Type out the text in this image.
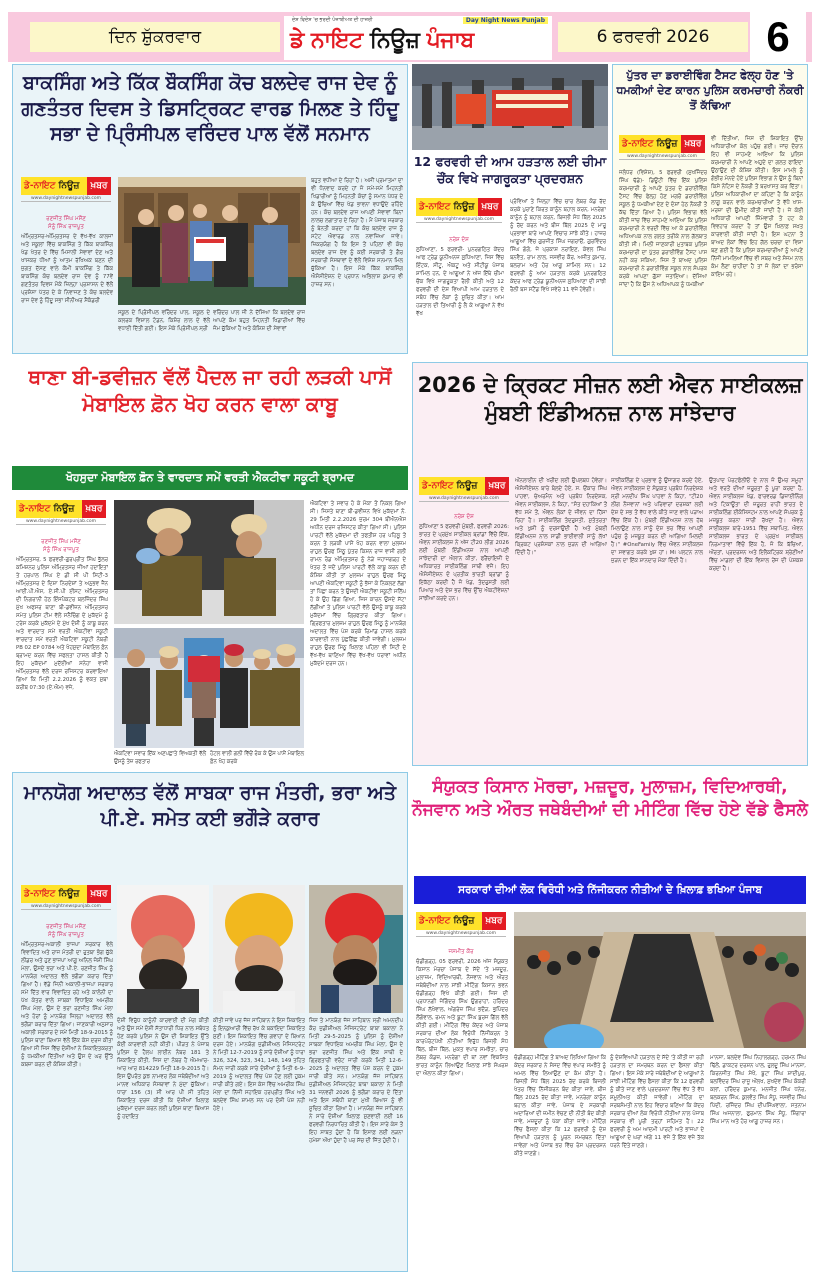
ਦਿਨ ਸ਼ੁੱਕਰਵਾਰ
ਦੇਸ਼ ਵਿਦੇਸ਼ 'ਚ ਭਰਦੀ ਪੰਜਾਬੀਅਤ ਦੀ ਹਾਜ਼ਰੀ	Day Night News Punjab
ਡੇ ਨਾਇਟ ਨਿਊਜ਼ ਪੰਜਾਬ	6 ਫਰਵਰੀ 2026	6
ਬਾਕਸਿੰਗ ਅਤੇ ਕਿੱਕ ਬੌਕਸਿੰਗ ਕੋਚ ਬਲਦੇਵ ਰਾਜ ਦੇਵ ਨੂੰ ਗਣਤੰਤਰ ਦਿਵਸ ਤੇ ਡਿਸਟ੍ਰਿਕਟ ਵਾਰਡ ਮਿਲਣ ਤੇ ਹਿੰਦੂ ਸਭਾ ਦੇ ਪ੍ਰਿੰਸੀਪਲ ਵਰਿੰਦਰ ਪਾਲ ਵੱਲੋਂ ਸਨਮਾਨ
ਡੇ-ਨਾਇਟ ਨਿਊਜ਼	ਖ਼ਬਰ
www.daynightnewspunjab.com
ਰਣਜੀਤ ਸਿੰਘ ਮਸੌਣ
ਸੋਨੂੰ ਸਿੰਘ ਰਾਜਪੂਤ
ਅੰਮ੍ਰਿਤਸਰ-ਅੰਮ੍ਰਿਤਸਰ ਦੇ ਵੱਖ-ਵੱਖ ਕਾਲਜਾਂ ਅਤੇ ਸਕੂਲਾਂ ਵਿੱਚ ਬਾਕਸਿੰਗ ਤੇ ਕਿੱਕ ਬਾਕਸਿੰਗ ਖੇਡ ਖੇਤਰ ਦੇ ਵਿੱਚ ਮਿਸਾਲੀ ਸੇਵਾਵਾਂ ਦੇਣ ਅਤੇ ਖਾਸਕਰ ਧੀਆਂ ਨੂੰ ਆਤਮ ਰੱਖਿਅਕ ਬਣਨ ਦੀ ਜੁਗਤ ਦੱਸਣ ਵਾਲੇ ਕੌਮੀ ਬਾਕਸਿੰਗ ਤੇ ਕਿੱਕ ਬਾਕਸਿੰਗ ਕੋਚ ਬਲਦੇਵ ਰਾਜ ਦੇਵ ਨੂੰ 77ਵੇਂ ਗਣਤੰਤਰ ਦਿਵਸ ਮੌਕੇ ਜ਼ਿਲ੍ਹਾ ਪ੍ਰਸ਼ਾਸਨ ਦੇ ਵੱਲੋਂ ਪ੍ਰਸ਼ੰਸਾ ਪੱਤਰ ਦੇ ਕੇ ਨਿਵਾਜਣ ਤੇ ਕੋਚ ਬਲਦੇਵ ਰਾਜ ਦੇਵ ਨੂੰ ਹਿੰਦੂ ਸਭਾ ਸੀਨੀਅਰ ਸੈਕੰਡਰੀ
ਸਕੂਲ ਦੇ ਪ੍ਰਿੰਸੀਪਲ ਵਰਿੰਦਰ ਪਾਲ, ਸਕੂਲ ਦੇ ਕਲਰਕ ਵਿਸ਼ਾਲ ਟੰਡਨ, ਕਿਸ਼ੋਰ ਲਾਲ ਦੇ ਵੱਲੋਂ ਵਧਾਈ ਦਿੱਤੀ ਗਈ। ਇਸ ਮੌਕੇ ਪ੍ਰਿੰਸੀਪਲ ਸ੍ਰੀ
ਵਰਿੰਦਰ ਪਾਲ ਜੀ ਨੇ ਦੱਸਿਆ ਕਿ ਬਲਦੇਵ ਰਾਜ ਆਪਣੇ ਕੰਮ ਬਹੁਤ ਮਿਹਨਤੀ ਖਿਡਾਰੀਆਂ ਵਿੱਚ ਜੰਮ ਚੁੱਕਿਆ ਹੈ ਅਤੇ ਕੋਸ਼ਿਸ਼ ਦੀ ਸੇਵਾਵਾਂ
ਬਹੁਤ ਵਧੀਆ ਦੇ ਰਿਹਾ ਹੈ। ਅਸੀਂ ਪ੍ਰਮਾਤਮਾ ਦਾ ਵੀ ਧੰਨਵਾਦ ਕਰਦੇ ਹਾਂ ਜੋ ਸਮੇਂ-ਸਮੇਂ ਮਿਹਨਤੀ ਖਿਡਾਰੀਆਂ ਨੂੰ ਮਿਹਨਤੀ ਕੋਚਾਂ ਨੂੰ ਸਮਾਨ ਪੱਧਰ ਦੇ ਕੇ ਉਚਿਆਂ ਵਿੱਚ ਖੇਡ ਭਾਵਨਾ ਵਧਾਉਂਦੇ ਰਹਿੰਦੇ ਹਨ। ਕੋਚ ਬਲਦੇਵ ਰਾਜ ਆਪਣੀ ਸੇਵਾਵਾਂ ਬਿਨਾਂ ਲਾਲਚ ਲਗਾਤਾਰ ਦੇ ਰਿਹਾ ਹੈ। ਮੈਂ ਪੰਜਾਬ ਸਰਕਾਰ ਨੂੰ ਬੇਨਤੀ ਕਰਦਾ ਹਾਂ ਕਿ ਕੋਚ ਬਲਦੇਵ ਰਾਜ ਨੂੰ ਸਟੇਟ ਐਵਾਰਡ ਨਾਲ ਨਵਾਜ਼ਿਆ ਜਾਵੇ। ਜ਼ਿਕਰਯੋਗ ਹੈ ਕਿ ਇਸ ਤੋਂ ਪਹਿਲਾਂ ਵੀ ਕੋਚ ਬਲਦੇਵ ਰਾਜ ਦੇਵ ਨੂੰ ਕਈ ਸਰਕਾਰੀ ਤੇ ਗੈਰ ਸਰਕਾਰੀ ਸੰਸਥਾਵਾਂ ਦੇ ਵੱਲੋਂ ਵਿਸ਼ੇਸ਼ ਸਨਮਾਨ ਮਿਲ ਚੁੱਕਿਆ ਹੈ। ਇਸ ਮੌਕੇ ਕਿੱਕ ਬਾਕਸਿੰਗ ਐਸੋਸੀਏਸ਼ਨ ਦੇ ਪ੍ਰਧਾਨ ਅਭਿਲਾਸ਼ ਕੁਮਾਰ ਵੀ ਹਾਜ਼ਰ ਸਨ।
12 ਫਰਵਰੀ ਦੀ ਆਮ ਹੜਤਾਲ ਲਈ ਚੀਮਾ ਚੌਂਕ ਵਿਖੇ ਜਾਗਰੂਕਤਾ ਪ੍ਰਦਰਸ਼ਨ
ਡੇ-ਨਾਇਟ ਨਿਊਜ਼ ਖ਼ਬਰ
www.daynightnewspunjab.com
ਨਰੇਸ਼ ਦੋਸ਼
ਲੁਧਿਆਣਾ, 5 ਫਰਵਰੀ- ਪੁਨਰਗਠਿਤ ਕੇਂਦਰ ਆਫ ਟ੍ਰੇਡ ਯੂਨੀਅਨਜ਼ ਲੁਧਿਆਣਾ, ਜਿਸ ਵਿੱਚ ਇੰਟਕ, ਸੀਟੂ, ਐਕਟੂ ਅਤੇ ਸੀਟੀਯੂ ਪੰਜਾਬ ਸ਼ਾਮਿਲ ਹਨ, ਦੇ ਆਗੂਆਂ ਨੇ ਅੱਜ ਇੱਥੇ ਚੀਮਾ ਚੌਂਕ ਵਿਖੇ ਜਾਗਰੂਕਤਾ ਰੈਲੀ ਕੀਤੀ ਅਤੇ 12 ਫਰਵਰੀ ਦੀ ਦੇਸ਼ ਵਿਆਪੀ ਆਮ ਹੜਤਾਲ ਦੇ ਸਬੰਧ ਵਿੱਚ ਲੋਕਾਂ ਨੂੰ ਸੂਚਿਤ ਕੀਤਾ। ਆਮ ਹੜਤਾਲ ਦੀ ਤਿਆਰੀ ਨੂੰ ਲੈ ਕੇ ਆਗੂਆਂ ਨੇ ਵੱਖ ਵੱਖ
ਪ੍ਰੋਵਿਆਂ ਤੇ ਜ਼ਿਲ੍ਹਾ ਵਿੱਚ ਚਾਰ ਲੇਬਰ ਕੋਡ ਰੱਦ ਕਰਕੇ ਪੁਰਾਣੇ ਕਿਰਤ ਕਾਨੂੰਨ ਬਹਾਲ ਕਰਨ, ਮਨਰੇਗਾ ਕਾਨੂੰਨ ਨੂੰ ਬਹਾਲ ਕਰਨ, ਬਿਜਲੀ ਸੋਧ ਬਿੱਲ 2025 ਨੂੰ ਰੱਦ ਕਰਨ ਅਤੇ ਬੀਜ ਬਿੱਲ 2025 ਦੇ ਮਾਰੂ ਪ੍ਰਭਾਵਾਂ ਬਾਰੇ ਆਪਣੇ ਵਿਚਾਰ ਸਾਂਝੇ ਕੀਤੇ। ਹਾਜ਼ਰ ਆਗੂਆਂ ਵਿੱਚ ਗੁਰਜੀਤ ਸਿੰਘ ਜਗਰਾਓਂ, ਗੁਰਵਿੰਦਰ ਸਿੰਘ ਗੋਗੋ, ਜੇ ਪ੍ਰਕਾਸ਼ ਨਰਾਇਣ, ਕੇਵਲ ਸਿੰਘ ਬਨਵੈਤ, ਰਾਮ ਲਾਲ, ਜਸਵੀਰ ਕੌਰ, ਅਜੀਤ ਕੁਮਾਰ, ਬਲਰਾਮ ਅਤੇ ਹੋਰ ਆਗੂ ਸ਼ਾਮਿਲ ਸਨ। 12 ਫਰਵਰੀ ਨੂੰ ਆਮ ਹੜਤਾਲ ਕਰਕੇ ਪੁਨਰਗਠਿਤ ਕੇਂਦਰ ਆਫ ਟ੍ਰੇਡ ਯੂਨੀਅਨਜ਼ ਲੁਧਿਆਣਾ ਦੀ ਸਾਂਝੀ ਰੈਲੀ ਬਸ ਸਟੈਂਡ ਵਿਖੇ ਸਵੇਰੇ 11 ਵਜੇ ਹੋਵੇਗੀ।
ਪੁੱਤਰ ਦਾ ਡਰਾਈਵਿੰਗ ਟੈਸਟ ਫੇਲ੍ਹ ਹੋਣ 'ਤੇ ਧਮਕੀਆਂ ਦੇਣ ਕਾਰਨ ਪੁਲਿਸ ਕਰਮਚਾਰੀ ਨੌਕਰੀ ਤੋਂ ਕੱਢਿਆ
ਡੇ-ਨਾਇਟ ਨਿਊਜ਼ ਖ਼ਬਰ
www.daynightnewspunjab.com
ਜਲੰਧਰ (ਵਿਸ਼ੇਸ਼), 5 ਫਰਵਰੀ (ਸੁਖਜਿੰਦਰ ਸਿੰਘ ਢੱਡੇ)- ਡਿਊਟੀ ਵਿੱਚ ਇੱਕ ਪੁਲਿਸ ਕਰਮਚਾਰੀ ਨੂੰ ਆਪਣੇ ਪੁੱਤਰ ਦੇ ਡਰਾਈਵਿੰਗ ਟੈਸਟ ਵਿੱਚ ਫੇਲ੍ਹ ਹੋਣ ਮਗਰੋਂ ਡਰਾਈਵਿੰਗ ਸਕੂਲ ਨੂੰ ਧਮਕੀਆਂ ਦੇਣ ਦੇ ਦੋਸ਼ਾਂ ਹੇਠ ਨੌਕਰੀ ਤੋਂ ਕੱਢ ਦਿੱਤਾ ਗਿਆ ਹੈ। ਪੁਲਿਸ ਵਿਭਾਗ ਵੱਲੋਂ ਕੀਤੀ ਜਾਂਚ ਵਿੱਚ ਸਾਹਮਣੇ ਆਇਆ ਕਿ ਪੁਲਿਸ ਕਰਮਚਾਰੀ ਨੇ ਵਰਦੀ ਵਿੱਚ ਆ ਕੇ ਡਰਾਈਵਿੰਗ ਅਧਿਆਪਕ ਨਾਲ ਗਲਤ ਤਰੀਕੇ ਨਾਲ ਗੱਲਬਾਤ ਕੀਤੀ ਸੀ। ਮਿਲੀ ਜਾਣਕਾਰੀ ਮੁਤਾਬਕ ਪੁਲਿਸ ਕਰਮਚਾਰੀ ਦਾ ਪੁੱਤਰ ਡਰਾਈਵਿੰਗ ਟੈਸਟ ਪਾਸ ਨਹੀਂ ਕਰ ਸਕਿਆ, ਜਿਸ ਤੋਂ ਬਾਅਦ ਪੁਲਿਸ ਕਰਮਚਾਰੀ ਨੇ ਡਰਾਈਵਿੰਗ ਸਕੂਲ ਨਾਲ ਸੰਪਰਕ ਕਰਕੇ ਆਪਣਾ ਗੁੱਸਾ ਜਤਾਇਆ। ਦੱਸਿਆ ਜਾਂਦਾ ਹੈ ਕਿ ਉਸ ਨੇ ਅਧਿਆਪਕ ਨੂੰ ਧਮਕੀਆਂ
ਵੀ ਦਿੱਤੀਆਂ, ਜਿਸ ਦੀ ਸ਼ਿਕਾਇਤ ਉੱਚ ਅਧਿਕਾਰੀਆਂ ਕੋਲ ਪਹੁੰਚ ਗਈ। ਜਾਂਚ ਦੌਰਾਨ ਇਹ ਵੀ ਸਾਹਮਣੇ ਆਇਆ ਕਿ ਪੁਲਿਸ ਕਰਮਚਾਰੀ ਨੇ ਆਪਣੇ ਅਹੁਦੇ ਦਾ ਗਲਤ ਫਾਇਦਾ ਉਠਾਉਣ ਦੀ ਕੋਸ਼ਿਸ਼ ਕੀਤੀ। ਇਸ ਮਾਮਲੇ ਨੂੰ ਗੰਭੀਰ ਮੰਨਦੇ ਹੋਏ ਪੁਲਿਸ ਵਿਭਾਗ ਨੇ ਉਸ ਨੂੰ ਬਿਨਾਂ ਕਿਸੇ ਨੋਟਿਸ ਦੇ ਨੌਕਰੀ ਤੋਂ ਬਰਖਾਸਤ ਕਰ ਦਿੱਤਾ। ਪੁਲਿਸ ਅਧਿਕਾਰੀਆਂ ਦਾ ਕਹਿਣਾ ਹੈ ਕਿ ਕਾਨੂੰਨ ਲਾਗੂ ਕਰਨ ਵਾਲੇ ਕਰਮਚਾਰੀਆਂ ਤੋਂ ਵੱਧੋ ਖਾਸ-ਮਰਜ਼ਾ ਦੀ ਉਮੀਦ ਕੀਤੀ ਜਾਂਦੀ ਹੈ। ਜੇ ਕੋਈ ਅਧਿਕਾਰੀ ਆਪਣੀ ਜ਼ਿੰਮੇਵਾਰੀ ਤੋਂ ਹਟ ਕੇ ਵਿਵਹਾਰ ਕਰਦਾ ਹੈ ਤਾਂ ਉਸ ਖ਼ਿਲਾਫ਼ ਸਖ਼ਤ ਕਾਰਵਾਈ ਕੀਤੀ ਜਾਂਦੀ ਹੈ। ਇਸ ਘਟਨਾ ਤੋਂ ਬਾਅਦ ਲੋਕਾਂ ਵਿੱਚ ਇਹ ਗੱਲ ਚਰਚਾ ਦਾ ਵਿਸ਼ਾ ਬਣ ਗਈ ਹੈ ਕਿ ਪੁਲਿਸ ਕਰਮਚਾਰੀਆਂ ਨੂੰ ਆਪਣੇ ਨਿੱਜੀ ਮਾਮਲਿਆਂ ਵਿੱਚ ਵੀ ਸਬਰ ਅਤੇ ਸੰਜਮ ਨਾਲ ਕੰਮ ਲੈਣਾ ਚਾਹੀਦਾ ਹੈ ਤਾਂ ਜੋ ਲੋਕਾਂ ਦਾ ਭਰੋਸਾ ਕਾਇਮ ਰਹੇ।
ਥਾਣਾ ਬੀ-ਡਵੀਜ਼ਨ ਵੱਲੋਂ ਪੈਦਲ ਜਾ ਰਹੀ ਲੜਕੀ ਪਾਸੋਂ ਮੋਬਾਇਲ ਫ਼ੋਨ ਖੋਹ ਕਰਨ ਵਾਲਾ ਕਾਬੂ
ਖੋਹਸੁਦਾ ਮੋਬਾਇਲ ਫ਼ੋਨ ਤੇ ਵਾਰਦਾਤ ਸਮੇਂ ਵਰਤੀ ਐਕਟੀਵਾ ਸਕੂਟੀ ਬ੍ਰਾਮਦ
ਡੇ-ਨਾਇਟ ਨਿਊਜ਼	ਖ਼ਬਰ
www.daynightnewspunjab.com
ਰਣਜੀਤ ਸਿੰਘ ਮਸੌਣ
ਸੋਨੂੰ ਸਿੰਘ ਰਾਜਪੂਤ
ਅੰਮ੍ਰਿਤਸਰ, 5 ਫਰਵਰੀ-ਗੁਰਪ੍ਰੀਤ ਸਿੰਘ ਭੁੱਲਰ ਕਮਿਸ਼ਨਰ ਪੁਲਿਸ ਅੰਮ੍ਰਿਤਸਰ ਜੀਆਂ ਹਦਾਇਤਾਂ ਤੇ ਹਰਪਾਲ ਸਿੰਘ ਏ ਡੀ ਸੀ ਪੀ ਸਿਟੀ-3 ਅੰਮ੍ਰਿਤਸਰ ਦੇ ਦਿਸ਼ਾ ਨਿਰਦੇਸ਼ਾਂ ਤੇ ਅਨੁਭਵ ਜੈਨ ਆਈ.ਪੀ.ਐਸ, ਏ.ਸੀ.ਪੀ ਈਸਟ ਅੰਮ੍ਰਿਤਸਰ ਦੀ ਨਿਗਰਾਨੀ ਹੇਠ ਇੰਸਪੈਕਟਰ ਬਲਜਿੰਦਰ ਸਿੰਘ ਮੁੱਖ ਅਫਸਰ ਥਾਣਾ ਬੀ-ਡਵੀਜ਼ਨ ਅੰਮ੍ਰਿਤਸਰ ਸਮੇਤ ਪੁਲਿਸ ਟੀਮ ਵੱਲੋਂ ਸਨੈਚਿੰਗ ਦੇ ਮੁਕੱਦਮੇ ਨੂੰ ਟਰੇਸ ਕਰਕੇ ਮੁਕੱਦਮੇ ਦੇ ਮੁੱਖ ਦੋਸ਼ੀ ਨੂੰ ਕਾਬੂ ਕਰਨ ਅਤੇ ਵਾਰਦਾਤ ਸਮੇਂ ਵਰਤੀ ਐਕਟੀਵਾ ਸਕੂਟੀ ਵਾਰਦਾਤ ਸਮੇਂ ਵਰਤੀ ਐਕਟਿਵਾ ਸਕੂਟੀ ਨੰਬਰੀ PB 02 EP 0784 ਅਤੇ ਖੋਹਸੁਦਾ ਮੋਬਾਇਲ ਫ਼ੋਨ ਬ੍ਰਾਮਦ ਕਰਨ ਵਿੱਚ ਸਫਲਤਾ ਹਾਸਲ ਕੀਤੀ ਹੈ ਇਹ ਮੁਕੱਦਮਾਂ ਮੁਦੱਈਆਂ ਸਨੇਹਾ ਵਾਸੀ ਅੰਮ੍ਰਿਤਸਰ ਵੱਲੋਂ ਦਰਜ ਰਜਿਸਟਰ ਕਰਵਾਇਆ ਗਿਆ ਕਿ ਮਿਤੀ 2.2.2026 ਨੂੰ ਵਕਤ ਸੁਬਾ ਕਰੀਬ 07:30 (ਏ.ਐਮ) ਵਜੇ,
ਐਕਟਿਵਾ ਸਵਾਰ ਇੱਕ ਅਣਪਛਾਤੇ ਵਿਅਕਤੀ ਵੱਲੋਂ ਉਸਨੂੰ ਤੇਜ਼ ਰਫਤਾਰ
ਹੋਟਲ ਵਾਲੀ ਗਲੀ ਵਿੱਚੋਂ ਰੋਕ ਕੇ ਉਸ ਪਾਸੋਂ ਮੋਬਾਇਲ ਫ਼ੋਨ ਖੋਹ ਕਰਕੇ
ਐਕਟਿਵਾ ਤੇ ਸਵਾਰ ਹੋ ਕੇ ਮੌਕਾ ਤੋਂ ਨਿਕਲ ਗਿਆ ਸੀ। ਜਿਸਤੇ ਥਾਣਾ ਬੀ-ਡਵੀਜ਼ਨ ਵਿਖੇ ਮੁਕੱਦਮਾਂ ਨੰ. 29 ਮਿਤੀ 2.2.2026 ਜੁਰਮ 304 ਬੀਐਨਐਸ ਅਧੀਨ ਦਰਜ ਰਜਿਸਟਰ ਕੀਤਾ ਗਿਆ ਸੀ। ਪੁਲਿਸ ਪਾਰਟੀ ਵੱਲੋਂ ਮੁਕੱਦਮਾ ਦੀ ਤਫਤੀਸ਼ ਹਰ ਪਹਿਲੂ ਤੋਂ ਕਰਨ ਤੇ ਲੜਕੀ ਪਾਸੋਂ ਖੋਹ ਕਰਨ ਵਾਲਾ ਮੁਲਜ਼ਮ ਰਾਹੁਲ ਉਰਫ ਮਿੱਠੂ ਪੁੱਤਰ ਕਿਸ਼ਨ ਰਾਜ ਵਾਸੀ ਗਲੀ ਰਾਮਨ ਰੋਡ ਅੰਮ੍ਰਿਤਸਰ ਨੂੰ ਨੇੜੇ ਜਹਾਜਗੜ੍ਹ ਦੇ ਖੇਤਰ ਤੋਂ ਜਦੋਂ ਪੁਲਿਸ ਪਾਰਟੀ ਵੱਲੋਂ ਕਾਬੂ ਕਰਨ ਦੀ ਕੋਸ਼ਿਸ਼ ਕੀਤੀ ਤਾਂ ਮੁਲਜ਼ਮ ਰਾਹੁਲ ਉਰਫ ਮਿੱਠੂ ਆਪਣੀ ਐਕਟਿਵਾ ਸਕੂਟੀ ਨੂੰ ਭੱਜਾ ਕੇ ਨਿਕਲਣ ਲੱਗਾ ਤਾਂ ਪਿੱਛਾ ਕਰਨ ਤੇ ਉਸਦੀ ਐਕਟੀਵਾ ਸਕੂਟੀ ਸਲਿੱਪ ਹੋ ਕੇ ਉਹ ਡਿੱਗ ਗਿਆ, ਜਿਸ ਕਾਰਨ ਉਸਦੇ ਸੱਟਾ ਲੱਗੀਆਂ ਤੇ ਪੁਲਿਸ ਪਾਰਟੀ ਵੱਲੋਂ ਉਸਨੂੰ ਕਾਬੂ ਕਰਕੇ ਮੁਕੱਦਮਾਂ ਵਿੱਚ ਗ੍ਰਿਫਤਾਰ ਕੀਤਾ ਗਿਆ। ਗ੍ਰਿਫਤਾਰ ਮੁਲਜ਼ਮ ਰਾਹੁਲ ਉਰਫ ਮਿੱਠੂ ਨੂੰ ਮਾਨਯੋਗ ਅਦਾਲਤ ਵਿੱਚ ਪੇਸ਼ ਕਰਕੇ ਰਿਮਾਂਡ ਹਾਸਲ ਕਰਕੇ ਕਾਰਵਾਈ ਨਾਲ ਪੁੱਛਗਿੱਛ ਕੀਤੀ ਜਾਵੇਗੀ। ਮੁਲਜ਼ਮ ਰਾਹੁਲ ਉਰਫ ਮਿੱਠੂ ਖ਼ਿਲਾਫ਼ ਪਹਿਲਾ ਵੀ ਸਿਟੀ ਦੇ ਵੱਖ-ਵੱਖ ਥਾਣਿਆ ਵਿੱਚ ਵੱਖ-ਵੱਖ ਧਰਾਵਾਂ ਅਧੀਨ ਮੁਕੱਦਮੇ ਦਰਜ ਹਨ।
2026 ਦੇ ਕ੍ਰਿਕਟ ਸੀਜ਼ਨ ਲਈ ਐਵਨ ਸਾਈਕਲਜ਼ ਮੁੰਬਈ ਇੰਡੀਅਨਜ਼ ਨਾਲ ਸਾਂਝੇਦਾਰ
ਡੇ-ਨਾਇਟ ਨਿਊਜ਼	ਖ਼ਬਰ
www.daynightnewspunjab.com
ਨਰੇਸ਼ ਦੋਸ਼
ਲੁਧਿਆਣਾ 5 ਫਰਵਰੀ ਮੁੰਬਈ, ਫਰਵਰੀ 2026: ਭਾਰਤ ਦੇ ਪ੍ਰਮੁੱਖ ਸਾਈਕਲ ਬ੍ਰਾਂਡਾਂ ਵਿੱਚੋਂ ਇੱਕ, ਐਵਨ ਸਾਈਕਲਜ਼ ਨੇ ਅੱਜ ਟੀ20 ਲੀਗ 2026 ਲਈ ਮੁੰਬਈ ਇੰਡੀਅਨਜ਼ ਨਾਲ ਆਪਣੀ ਸਾਂਝੇਦਾਰੀ ਦਾ ਐਲਾਨ ਕੀਤਾ, ਫਰੈਂਚਾਇਜ਼ੀ ਦੇ ਅਧਿਕਾਰਤ ਸਾਈਕਲਿੰਗ ਸਾਥੀ ਵਜੋਂ। ਇਹ ਐਸੋਸੀਏਸ਼ਨ ਦੋ ਪ੍ਰਤੀਕ ਭਾਰਤੀ ਬ੍ਰਾਂਡਾਂ ਨੂੰ ਇਕੱਠਾ ਕਰਦੀ ਹੈ ਜੋ ਖੇਡ, ਤੰਦਰੁਸਤੀ ਲਈ ਪਿਆਰ ਅਤੇ ਦੇਸ਼ ਭਰ ਵਿੱਚ ਉੱਚ ਐਕਟੀਵੇਸ਼ਨਾਂ ਸਾਂਝੀਆਂ ਕਰਦੇ ਹਨ।
ਔਨਲਾਈਨ ਦੀ ਖਰੀਦ ਲਈ ਉਪਲਬਧ ਹੋਵੇਗਾ। ਐਸੋਸੀਏਸ਼ਨ ਬਾਰੇ ਬੋਲਦੇ ਹੋਏ, ਸ. ਓਂਕਾਰ ਸਿੰਘ ਪਾਹਵਾ, ਚੇਅਰਮੈਨ ਅਤੇ ਪ੍ਰਬੰਧ ਨਿਰਦੇਸ਼ਕ, ਐਵਨ ਸਾਈਕਲਜ਼, ਨੇ ਕਿਹਾ, "ਸੰਤ ਦਹਾਕਿਆਂ ਤੋਂ ਵੱਧ ਸਮੇਂ ਤੋਂ, ਐਵਨ ਲੋਕਾਂ ਦੇ ਜੀਵਨ ਦਾ ਹਿੱਸਾ ਰਿਹਾ ਹੈ। ਸਾਈਕਲਿੰਗ ਤੰਦਰੁਸਤੀ, ਸੁਤੰਤਰਤਾ ਅਤੇ ਖੁਸ਼ੀ ਨੂੰ ਦਰਸਾਉਂਦੀ ਹੈ ਅਤੇ ਮੁੰਬਈ ਇੰਡੀਅਨਜ਼ ਨਾਲ ਸਾਡੀ ਭਾਈਵਾਲੀ ਸਾਨੂੰ ਲੱਖਾਂ ਕ੍ਰਿਕਟ ਪ੍ਰਸ਼ੰਸਕਾਂ ਨਾਲ ਜੁੜਨ ਦੀ ਆਗਿਆ ਦਿੰਦੀ ਹੈ।"
ਸਾਈਕਲਿੰਗ ਦੇ ਪ੍ਰਭਾਵ ਨੂੰ ਉਜਾਗਰ ਕਰਦੇ ਹੋਏ, ਐਵਨ ਸਾਈਕਲਜ਼ ਦੇ ਸੰਯੁਕਤ ਪ੍ਰਬੰਧ ਨਿਰਦੇਸ਼ਕ ਸ੍ਰੀ ਮਨਦੀਪ ਸਿੰਘ ਪਾਹਵਾ ਨੇ ਕਿਹਾ, "ਟੀ20 ਲੀਗ ਨੌਜਵਾਨਾਂ ਅਤੇ ਪਰਿਵਾਰਾਂ ਦਰਸ਼ਕਾਂ ਲਈ ਦੇਸ਼ ਦੇ ਸਭ ਤੋਂ ਵੱਧ ਵਾਲੇ ਕੀਤੇ ਜਾਣ ਵਾਲੇ ਪੜਾਅ ਵਿੱਚ ਇੱਕ ਹੈ। ਮੁੰਬਈ ਇੰਡੀਅਨਜ਼ ਨਾਲ ਹੱਥ ਮਿਲਾਉਣ ਨਾਲ ਸਾਨੂੰ ਦੇਸ਼ ਭਰ ਵਿੱਚ ਆਪਣੀ ਪਹੁੰਚ ਨੂੰ ਮਜ਼ਬੂਤ ਕਰਨ ਦੀ ਆਗਿਆ ਮਿਲਦੀ ਹੈ।" #OneFamily ਵਿੱਚ ਐਵਨ ਸਾਈਕਲਜ਼ ਦਾ ਸਵਾਗਤ ਕਰਕੇ ਖੁਸ਼ ਹਾਂ। Mi ਪਲਟਨ ਨਾਲ ਜੁੜਨ ਦਾ ਇੱਕ ਸ਼ਾਨਦਾਰ ਮੌਕਾ ਦਿੰਦੀ ਹੈ।
ਉਤਪਾਦ ਪੋਰਟਫੋਲੀਓ ਦੇ ਨਾਲ ਜੋ ਉਮਰ ਸਮੂਹਾਂ ਅਤੇ ਵਰਤੋਂ ਦੀਆਂ ਜ਼ਰੂਰਤਾਂ ਨੂੰ ਪੂਰਾ ਕਰਦਾ ਹੈ, ਐਵਨ ਸਾਈਕਲਜ਼ ਖੇਡ, ਫਾਰਵਰਡ ਡਿਜ਼ਾਈਨਿੰਗ ਅਤੇ ਟਿਕਾਊਤਾ ਦੀ ਜ਼ਰੂਰਤ ਰਾਹੀਂ ਭਾਰਤ ਦੇ ਸਾਈਕਲਿੰਗ ਈਕੋਸਿਸਟਮ ਨਾਲ ਆਪਣੇ ਸੰਪਰਕ ਨੂੰ ਮਜ਼ਬੂਤ ਕਰਨਾ ਜਾਰੀ ਰੱਖਦਾ ਹੈ। ਐਵਨ ਸਾਈਕਲਜ਼ ਬਾਰੇ-1951 ਵਿੱਚ ਸਥਾਪਿਤ, ਐਵਨ ਸਾਈਕਲਜ਼ ਭਾਰਤ ਦੇ ਪ੍ਰਮੁੱਖ ਸਾਈਕਲ ਨਿਰਮਾਤਾਵਾਂ ਵਿੱਚੋਂ ਇੱਕ ਹੈ, ਜੋ ਕਿ ਬੱਚਿਆਂ, ਔਰਤਾਂ, ਪ੍ਰਦਰਸ਼ਨ ਅਤੇ ਇਲੈਕਟ੍ਰਿਕ ਸ਼੍ਰੇਣੀਆਂ ਵਿੱਚ ਮਾਡਲਾਂ ਦੀ ਇੱਕ ਵਿਸ਼ਾਲ ਰੇਂਜ ਦੀ ਪੇਸ਼ਕਸ਼ ਕਰਦਾ ਹੈ।
ਮਾਨਯੋਗ ਅਦਾਲਤ ਵੱਲੋਂ ਸਾਬਕਾ ਰਾਜ ਮੰਤਰੀ, ਭਰਾ ਅਤੇ ਪੀ.ਏ. ਸਮੇਤ ਕਈ ਭਗੌੜੇ ਕਰਾਰ
ਡੇ-ਨਾਇਟ ਨਿਊਜ਼	ਖ਼ਬਰ
www.daynightnewspunjab.com
ਰਣਜੀਤ ਸਿੰਘ ਮਸੌਣ
ਸੋਨੂੰ ਸਿੰਘ ਰਾਜਪੂਤ
ਅੰਮ੍ਰਿਤਸਰ-ਅਕਾਲੀ ਭਾਜਪਾ ਸਰਕਾਰ ਵੇਲੇ ਵਿਵਾਦਿਤ ਅਤੇ ਰਾਜ ਮੰਤਰੀ ਦਾ ਰੁਤਬਾ ਭੋਗ ਚੁੱਕੇ ਲੀਡਰ ਅਤੇ ਹੁਣ ਭਾਜਪਾ ਆਗੂ ਅਨਿਲ ਜੋਸ਼ੀ ਸਿੰਘ ਮੇਲਾ, ਉਸਦੇ ਭਰਾ ਅਤੇ ਪੀ.ਏ. ਰਣਜੀਤ ਸਿੰਘ ਨੂੰ ਮਾਨਯੋਗ ਅਦਾਲਤ ਵੱਲੋਂ ਭਗੌੜਾ ਕਰਾਰ ਦਿੱਤਾ ਗਿਆ ਹੈ। ਵੱਡੇ ਜਿਨੀ ਅਕਾਲੀ-ਭਾਜਪਾ ਸਰਕਾਰ ਸਮੇਂ ਦਿੱਤ ਵਾਰ ਵਿਵਾਦਿਤ ਰਹੇ ਅਤੇ ਕਾਲੋਨੀ ਦਾ ਪੱਖ ਕੇਤਰ ਵਾਲੇ ਸਾਬਕਾ ਵਿਧਾਇਕ ਅਮਰੀਕ ਸਿੰਘ ਮੇਲਾ, ਉਸ ਦੇ ਭਰਾ ਰਣਜੀਤ ਸਿੰਘ ਮੇਲਾ ਅਤੇ ਹੋਰਾਂ ਨੂੰ ਮਾਨਯੋਗ ਜਿਲ੍ਹਾ ਅਦਾਲਤ ਵੱਲੋਂ ਭਗੌੜਾ ਕਰਾਰ ਦਿੱਤਾ ਗਿਆ। ਜਾਣਕਾਰੀ ਅਨੁਸਾਰ ਅਕਾਲੀ ਸਰਕਾਰ ਦੇ ਸਮੇਂ ਮਿਤੀ 18-9-2015 ਨੂੰ ਪੁਲਿਸ ਥਾਣਾ ਬਿਆਸ ਵੱਲੋਂ ਇੱਕ ਕੇਸ ਦਰਜ ਕੀਤਾ ਗਿਆ ਸੀ ਜਿਸ ਵਿੱਚ ਦੋਸ਼ੀਆਂ ਨੇ ਸ਼ਿਕਾਇਤਕਰਤਾ ਨੂੰ ਧਮਕੀਆਂ ਦਿੱਤੀਆਂ ਅਤੇ ਉਸ ਦੇ ਘਰ ਉੱਤੇ ਕਬਜ਼ਾ ਕਰਨ ਦੀ ਕੋਸ਼ਿਸ਼ ਕੀਤੀ।
ਦੋਸ਼ੀ ਵਿਰੁੱਧ ਕਾਨੂੰਨੀ ਕਾਰਵਾਈ ਦੀ ਮੰਗ ਕੀਤੀ ਅਤੇ ਉਸ ਸਮੇਂ ਦੋਸ਼ੀ ਸੱਤਾਧਾਰੀ ਧਿਰ ਨਾਲ ਸਬੰਧਤ ਹੋਣ ਕਰਕੇ ਪੁਲਿਸ ਨੇ ਉਸ ਦੀ ਸ਼ਿਕਾਇਤ ਉੱਤੇ ਕੋਈ ਕਾਰਵਾਈ ਨਹੀਂ ਕੀਤੀ। ਪੀੜਤ ਨੇ ਪੰਜਾਬ ਪੁਲਿਸ ਦੇ ਹੈਲਪ ਲਾਈਨ ਨੰਬਰ 181 ਤੇ ਸ਼ਿਕਾਇਤ ਕੀਤੀ, ਜਿਸ ਦਾ ਨੰਬਰ ਹੈ ਐਮਆਰ-ਆਰ ਆਰ 814229 ਮਿਤੀ 18-9-2015 ਹੈ। ਇਸ ਉਪਰੰਤ ਕੁਝ ਨਾਮਵਰ ਲੋਕ ਜਥੇਬੰਦੀਆਂ ਅਤੇ ਮਾਨਵ ਅਧਿਕਾਰ ਸੰਸਥਾਵਾਂ ਨੇ ਮੁੱਦਾ ਚੁੱਕਿਆ। ਧਾਰਾ 156 (3) ਸੀ ਆਰ ਪੀ ਸੀ ਤਹਿਤ ਸ਼ਿਕਾਇਤ ਦਰਜ ਕੀਤੀ ਕਿ ਦੋਸ਼ੀਆਂ ਖ਼ਿਲਾਫ਼ ਮੁਕੱਦਮਾ ਦਰਜ ਕਰਨ ਲਈ ਪੁਲਿਸ ਥਾਣਾ ਬਿਆਸ ਨੂੰ ਹਦਾਇਤ
ਕੀਤੀ ਜਾਵੇ ਪਰ ਜੱਜ ਸਾਹਿਬਾਨ ਨੇ ਇਸ ਸ਼ਿਕਾਇਤ ਨੂੰ ਇਨਕੁਆਰੀ ਵਿੱਚ ਰੱਖ ਕੇ ਬਕਾਇਦਾ ਸ਼ਿਕਾਇਤ ਸੁਣੀ। ਇਸ ਸ਼ਿਕਾਇਤ ਵਿੱਚ ਗਵਾਹਾਂ ਦੇ ਬਿਆਨ ਦਰਜ ਹੋਏ। ਮਾਨਯੋਗ ਜੁਡੀਸ਼ੀਅਲ ਮੈਜਿਸਟਰੇਟ ਨੇ ਮਿਤੀ 12-7-2019 ਨੂੰ ਸਾਰੇ ਦੋਸ਼ੀਆਂ ਨੂੰ ਧਾਰਾ 326, 324, 323, 341, 148, 149 ਤਹਿਤ ਸੰਮਨ ਜਾਰੀ ਕਰਕੇ ਸਾਰੇ ਦੋਸ਼ੀਆਂ ਨੂੰ ਮਿਤੀ 6-9-2019 ਨੂੰ ਅਦਾਲਤ ਵਿੱਚ ਪੇਸ਼ ਹੋਣ ਲਈ ਹੁਕਮ ਜਾਰੀ ਕੀਤੇ ਗਏ। ਇਸ ਕੇਸ ਵਿੱਚ ਅਮਰੀਕ ਸਿੰਘ ਮੇਲਾ ਦਾ ਨਿੱਜੀ ਸਹਾਇਕ ਹਰਪ੍ਰੀਤ ਸਿੰਘ ਅਤੇ ਬਲਦੇਵ ਸਿੰਘ ਸ਼ਾਮਲ ਸਨ ਪਰ ਦੋਸ਼ੀ ਪੇਸ਼ ਨਹੀਂ ਹੋਏ।
ਜਿਸ ਤੇ ਮਾਨਯੋਗ ਜੱਜ ਸਾਹਿਬਾਨ ਸ੍ਰੀ ਅਮਨਦੀਪ ਕੌਰ ਜੁਡੀਸ਼ੀਅਲ ਮੈਜਿਸਟਰੇਟ ਬਾਬਾ ਬਕਾਲਾ ਨੇ ਮਿਤੀ 29-5-2025 ਨੂੰ ਪੁਲਿਸ ਨੂੰ ਦੋਸ਼ੀਆਂ ਸਾਬਕਾ ਵਿਧਾਇਕ ਅਮਰੀਕ ਸਿੰਘ ਮੇਲਾ, ਉਸ ਦੇ ਭਰਾ ਰਣਜੀਤ ਸਿੰਘ ਅਤੇ ਇੱਕ ਸਾਥੀ ਦੇ ਗ੍ਰਿਫਤਾਰੀ ਵਰੰਟ ਜਾਰੀ ਕਰਕੇ ਮਿਤੀ 12-6-2025 ਨੂੰ ਅਦਾਲਤ ਵਿੱਚ ਪੇਸ਼ ਕਰਨ ਦੇ ਹੁਕਮ ਜਾਰੀ ਕੀਤੇ ਸਨ। ਮਾਨਯੋਗ ਜੱਜ ਸਾਹਿਬਾਨ ਜੁਡੀਸ਼ੀਅਲ ਮੈਜਿਸਟਰੇਟ ਬਾਬਾ ਬਕਾਲਾ ਨੇ ਮਿਤੀ 31 ਜਨਵਰੀ 2026 ਨੂੰ ਭਗੌੜਾ ਕਰਾਰ ਦੇ ਦਿੱਤਾ ਅਤੇ ਇਸ ਸਬੰਧੀ ਥਾਣਾ ਮੁਖੀ ਬਿਆਸ ਨੂੰ ਵੀ ਸੂਚਿਤ ਕੀਤਾ ਗਿਆ ਹੈ। ਮਾਨਯੋਗ ਜੱਜ ਸਾਹਿਬਾਨ ਨੇ ਸਾਰੇ ਦੋਸ਼ੀਆਂ ਖ਼ਿਲਾਫ਼ ਸੁਣਵਾਈ ਲਈ 16 ਫਰਵਰੀ ਨਿਰਧਾਰਿਤ ਕੀਤੀ ਹੈ। ਇਸ ਸਾਰੇ ਕੇਸ ਤੋਂ ਇਹ ਸਾਬਤ ਹੁੰਦਾ ਹੈ ਕਿ ਇਸਾਫ਼ ਲਈ ਲੜਨਾ ਹਮੇਸ਼ਾ ਔਖਾ ਹੁੰਦਾ ਹੈ ਪਰ ਸੱਚ ਦੀ ਜਿੱਤ ਹੁੰਦੀ ਹੈ।
ਸੰਯੁਕਤ ਕਿਸਾਨ ਮੋਰਚਾ, ਮਜ਼ਦੂਰ, ਮੁਲਾਜ਼ਮ, ਵਿਦਿਆਰਥੀ, ਨੌਜਵਾਨ ਅਤੇ ਔਰਤ ਜਥੇਬੰਦੀਆਂ ਦੀ ਮੀਟਿੰਗ ਵਿੱਚ ਹੋਏ ਵੱਡੇ ਫੈਸਲੇ
ਸਰਕਾਰਾਂ ਦੀਆਂ ਲੋਕ ਵਿਰੋਧੀ ਅਤੇ ਨਿੱਜੀਕਰਨ ਨੀਤੀਆਂ ਦੇ ਖ਼ਿਲਾਫ਼ ਭਖਿਆ ਪੰਜਾਬ
ਡੇ-ਨਾਇਟ ਨਿਊਜ਼	ਖ਼ਬਰ
www.daynightnewspunjab.com
ਜਸਮੀਤ ਕੌਰ
ਚੰਡੀਗੜ੍ਹ, 05 ਫਰਵਰੀ, 2026 ਅੱਜ ਸੰਯੁਕਤ ਕਿਸਾਨ ਮੋਰਚਾ ਪੰਜਾਬ ਦੇ ਸੱਦੇ 'ਤੇ ਮਜ਼ਦੂਰ, ਮੁਲਾਜ਼ਮ, ਵਿਦਿਆਰਥੀ, ਨੌਜਵਾਨ ਅਤੇ ਔਰਤ ਜਥੇਬੰਦੀਆਂ ਨਾਲ ਸਾਂਝੀ ਮੀਟਿੰਗ ਕਿਸਾਨ ਭਵਨ ਚੰਡੀਗੜ੍ਹ ਵਿਖੇ ਕੀਤੀ ਗਈ। ਜਿਸ ਦੀ ਪ੍ਰਧਾਨਗੀ ਜੋਗਿੰਦਰ ਸਿੰਘ ਉਗਰਾਹਾਂ, ਹਰਿੰਦਰ ਸਿੰਘ ਲੱਖੋਵਾਲ, ਅੰਗਰੇਜ਼ ਸਿੰਘ ਭਦੌੜ, ਭੁਪਿੰਦਰ ਲੌਂਗੋਵਾਲ, ਰਮਨ ਅਤੇ ਬੂਟਾ ਸਿੰਘ ਬੁਰਜ ਗਿੱਲ ਵੱਲੋਂ ਕੀਤੀ ਗਈ। ਮੀਟਿੰਗ ਵਿੱਚ ਕੇਂਦਰ ਅਤੇ ਪੰਜਾਬ ਸਰਕਾਰ ਦੀਆਂ ਲੋਕ ਵਿਰੋਧੀ ਨਿੱਜੀਕਰਨ ਤੇ ਕਾਰਪੋਰੇਟਪੱਖੀ ਨੀਤੀਆਂ ਵਿਰੁੱਧ ਬਿਜਲੀ ਸੋਧ ਬਿੱਲ, ਬੀਜ ਬਿੱਲ, ਮੁਕਤ ਵਪਾਰ ਸਮਝੌਤਾ, ਚਾਰ ਲੇਬਰ ਕੋਡਜ਼, ਮਨਰੇਗਾ ਦੀ ਥਾਂ ਨਵਾਂ ਵਿਕਸਿਤ ਭਾਰਤ ਕਾਨੂੰਨ ਲਿਆਉਣ ਖ਼ਿਲਾਫ਼ ਸਾਂਝੇ ਸੰਘਰਸ਼ ਦਾ ਐਲਾਨ ਕੀਤਾ ਗਿਆ।
ਚੰਡੀਗੜ੍ਹ ਮੀਟਿੰਗ ਤੋਂ ਬਾਅਦ ਲਿਖਿਆ ਗਿਆ ਕਿ ਕੇਂਦਰ ਸਰਕਾਰ ਨੇ ਸੰਸਦ ਵਿੱਚ ਵਪਾਰ ਸਮਝੌਤੇ ਨੂੰ ਅਮਲ ਵਿੱਚ ਲਿਆਉਣ ਦਾ ਕੰਮ ਕੀਤਾ ਹੈ। ਬਿਜਲੀ ਸੋਧ ਬਿੱਲ 2025 ਰੱਦ ਕਰਕੇ ਬਿਜਲੀ ਖੇਤਰ ਵਿੱਚ ਨਿੱਜੀਕਰਨ ਬੰਦ ਕੀਤਾ ਜਾਵੇ, ਬੀਜ ਬਿੱਲ 2025 ਰੱਦ ਕੀਤਾ ਜਾਵੇ, ਮਨਰੇਗਾ ਕਾਨੂੰਨ ਬਹਾਲ ਕੀਤਾ ਜਾਵੇ, ਪੰਜਾਬ ਦੇ ਸਰਕਾਰੀ ਅਦਾਰਿਆਂ ਦੀ ਜ਼ਮੀਨ ਵੇਚਣ ਦੀ ਨੀਤੀ ਬੰਦ ਕੀਤੀ ਜਾਵੇ, ਮਜ਼ਦੂਰਾਂ ਨੂੰ ਪੱਕਾ ਕੀਤਾ ਜਾਵੇ। ਮੀਟਿੰਗ ਵਿੱਚ ਫੈਸਲਾ ਕੀਤਾ ਕਿ 12 ਫਰਵਰੀ ਨੂੰ ਦੇਸ਼ ਵਿਆਪੀ ਹੜਤਾਲ ਨੂੰ ਪੂਰਨ ਸਮਰਥਨ ਦਿੱਤਾ ਜਾਵੇਗਾ ਅਤੇ ਪੰਜਾਬ ਭਰ ਵਿੱਚ ਰੋਸ ਪ੍ਰਦਰਸ਼ਨ ਕੀਤੇ ਜਾਣਗੇ।
ਨੂੰ ਦੇਸ਼ਵਿਆਪੀ ਹੜਤਾਲ ਦੇ ਸੱਦੇ 'ਤੇ ਕੀਤੀ ਜਾ ਰਹੀ ਹੜਤਾਲ ਦਾ ਸਮਰਥਨ ਕਰਨ ਦਾ ਫੈਸਲਾ ਕੀਤਾ ਗਿਆ। ਇਸ ਮੌਕੇ ਸਾਰੇ ਜਥੇਬੰਦੀਆਂ ਦੇ ਆਗੂਆਂ ਨੇ ਸਾਂਝੀ ਮੀਟਿੰਗ ਵਿੱਚ ਫੈਸਲਾ ਕੀਤਾ ਕਿ 12 ਫਰਵਰੀ ਨੂੰ ਕੀਤੇ ਜਾਣ ਵਾਲੇ ਪ੍ਰਦਰਸ਼ਨਾਂ ਵਿੱਚ ਵੱਧ ਤੋਂ ਵੱਧ ਸ਼ਮੂਲੀਅਤ ਕੀਤੀ ਜਾਵੇਗੀ। ਮੀਟਿੰਗ ਦਾ ਸਰਬਸੰਮਤੀ ਨਾਲ ਇਹ ਵਿਚਾਰ ਬਣਿਆ ਕਿ ਕੇਂਦਰ ਸਰਕਾਰ ਦੀਆਂ ਲੋਕ ਵਿਰੋਧੀ ਨੀਤੀਆਂ ਨਾਲ ਪੰਜਾਬ ਸਰਕਾਰ ਵੀ ਪੂਰੀ ਤਰ੍ਹਾਂ ਸਹਿਮਤ ਹੈ। 22 ਫਰਵਰੀ ਨੂੰ ਅਮ ਆਦਮੀ ਪਾਰਟੀ ਅਤੇ ਭਾਜਪਾ ਦੇ ਆਗੂਆਂ ਦੇ ਘਰਾਂ ਅੱਗੇ 11 ਵਜੇ ਤੋਂ ਇੱਕ ਵਜੇ ਤੱਕ ਧਰਨੇ ਦਿੱਤੇ ਜਾਣਗੇ।
ਮਾਨਸਾ, ਬਲਦੇਵ ਸਿੰਘ ਨਿਹਾਲਗੜ੍ਹ, ਹਰਮਨ ਸਿੰਘ ਢਿੱਲੋਂ, ਡਾਕਟਰ ਦਰਸ਼ਨ ਪਾਲ, ਰੁਲਦੂ ਸਿੰਘ ਮਾਨਸਾ, ਕਿਰਨਜੀਤ ਸਿੰਘ ਸੇਖੋਂ, ਬੂਟਾ ਸਿੰਘ ਸ਼ਾਦੀਪੁਰ, ਬਲਵਿੰਦਰ ਸਿੰਘ ਰਾਜੂ ਔਲਖ, ਸੁਖਦੇਵ ਸਿੰਘ ਕੋਕਰੀ ਕਲਾਂ, ਹਰਿੰਦਰ ਕੁਮਾਰ, ਮਨਜੀਤ ਸਿੰਘ ਧਨੇਰ, ਬਲਕਰਨ ਸਿੰਘ, ਕੁਲਵੰਤ ਸਿੰਘ ਸੰਧੂ, ਜਸਵੀਰ ਸਿੰਘ ਪਿੱਦੀ, ਰਜਿੰਦਰ ਸਿੰਘ ਦੀਪਸਿੰਘਵਾਲਾ, ਸਤਨਾਮ ਸਿੰਘ ਅਜਨਾਲਾ, ਫੁਰਮਾਨ ਸਿੰਘ ਸੰਧੂ, ਸ਼ਿੰਗਾਰਾ ਸਿੰਘ ਮਾਨ ਅਤੇ ਹੋਰ ਆਗੂ ਹਾਜ਼ਰ ਸਨ।
